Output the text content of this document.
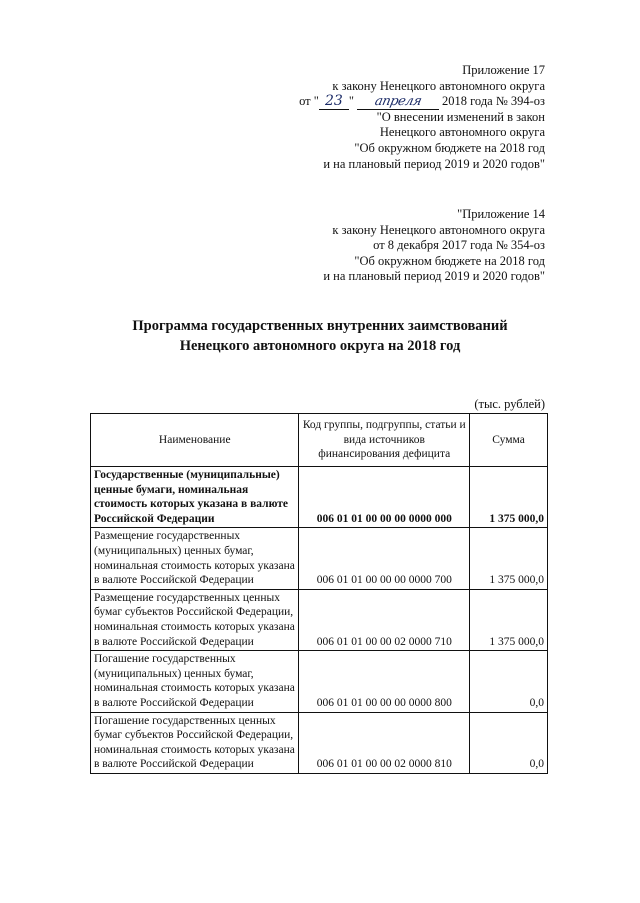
Приложение 17
к закону Ненецкого автономного округа
от " 23 "	апреля	2018 года № 394-оз
"О внесении изменений в закон
Ненецкого автономного округа
"Об окружном бюджете на 2018 год
и на плановый период 2019 и 2020 годов"
"Приложение 14
к закону Ненецкого автономного округа
от 8 декабря 2017 года № 354-оз
"Об окружном бюджете на 2018 год
и на плановый период 2019 и 2020 годов"
Программа государственных внутренних заимствований
Ненецкого автономного округа на 2018 год
(тыс. рублей)
Наименование	Код группы, подгруппы, статьи и вида источников финансирования дефицита	Сумма
Государственные (муниципальные) ценные бумаги, номинальная стоимость которых указана в валюте Российской Федерации	006 01 01 00 00 00 0000 000	1 375 000,0
Размещение государственных (муниципальных) ценных бумаг, номинальная стоимость которых указана в валюте Российской Федерации	006 01 01 00 00 00 0000 700	1 375 000,0
Размещение государственных ценных бумаг субъектов Российской Федерации, номинальная стоимость которых указана в валюте Российской Федерации	006 01 01 00 00 02 0000 710	1 375 000,0
Погашение государственных (муниципальных) ценных бумаг, номинальная стоимость которых указана в валюте Российской Федерации	006 01 01 00 00 00 0000 800	0,0
Погашение государственных ценных бумаг субъектов Российской Федерации, номинальная стоимость которых указана в валюте Российской Федерации	006 01 01 00 00 02 0000 810	0,0
